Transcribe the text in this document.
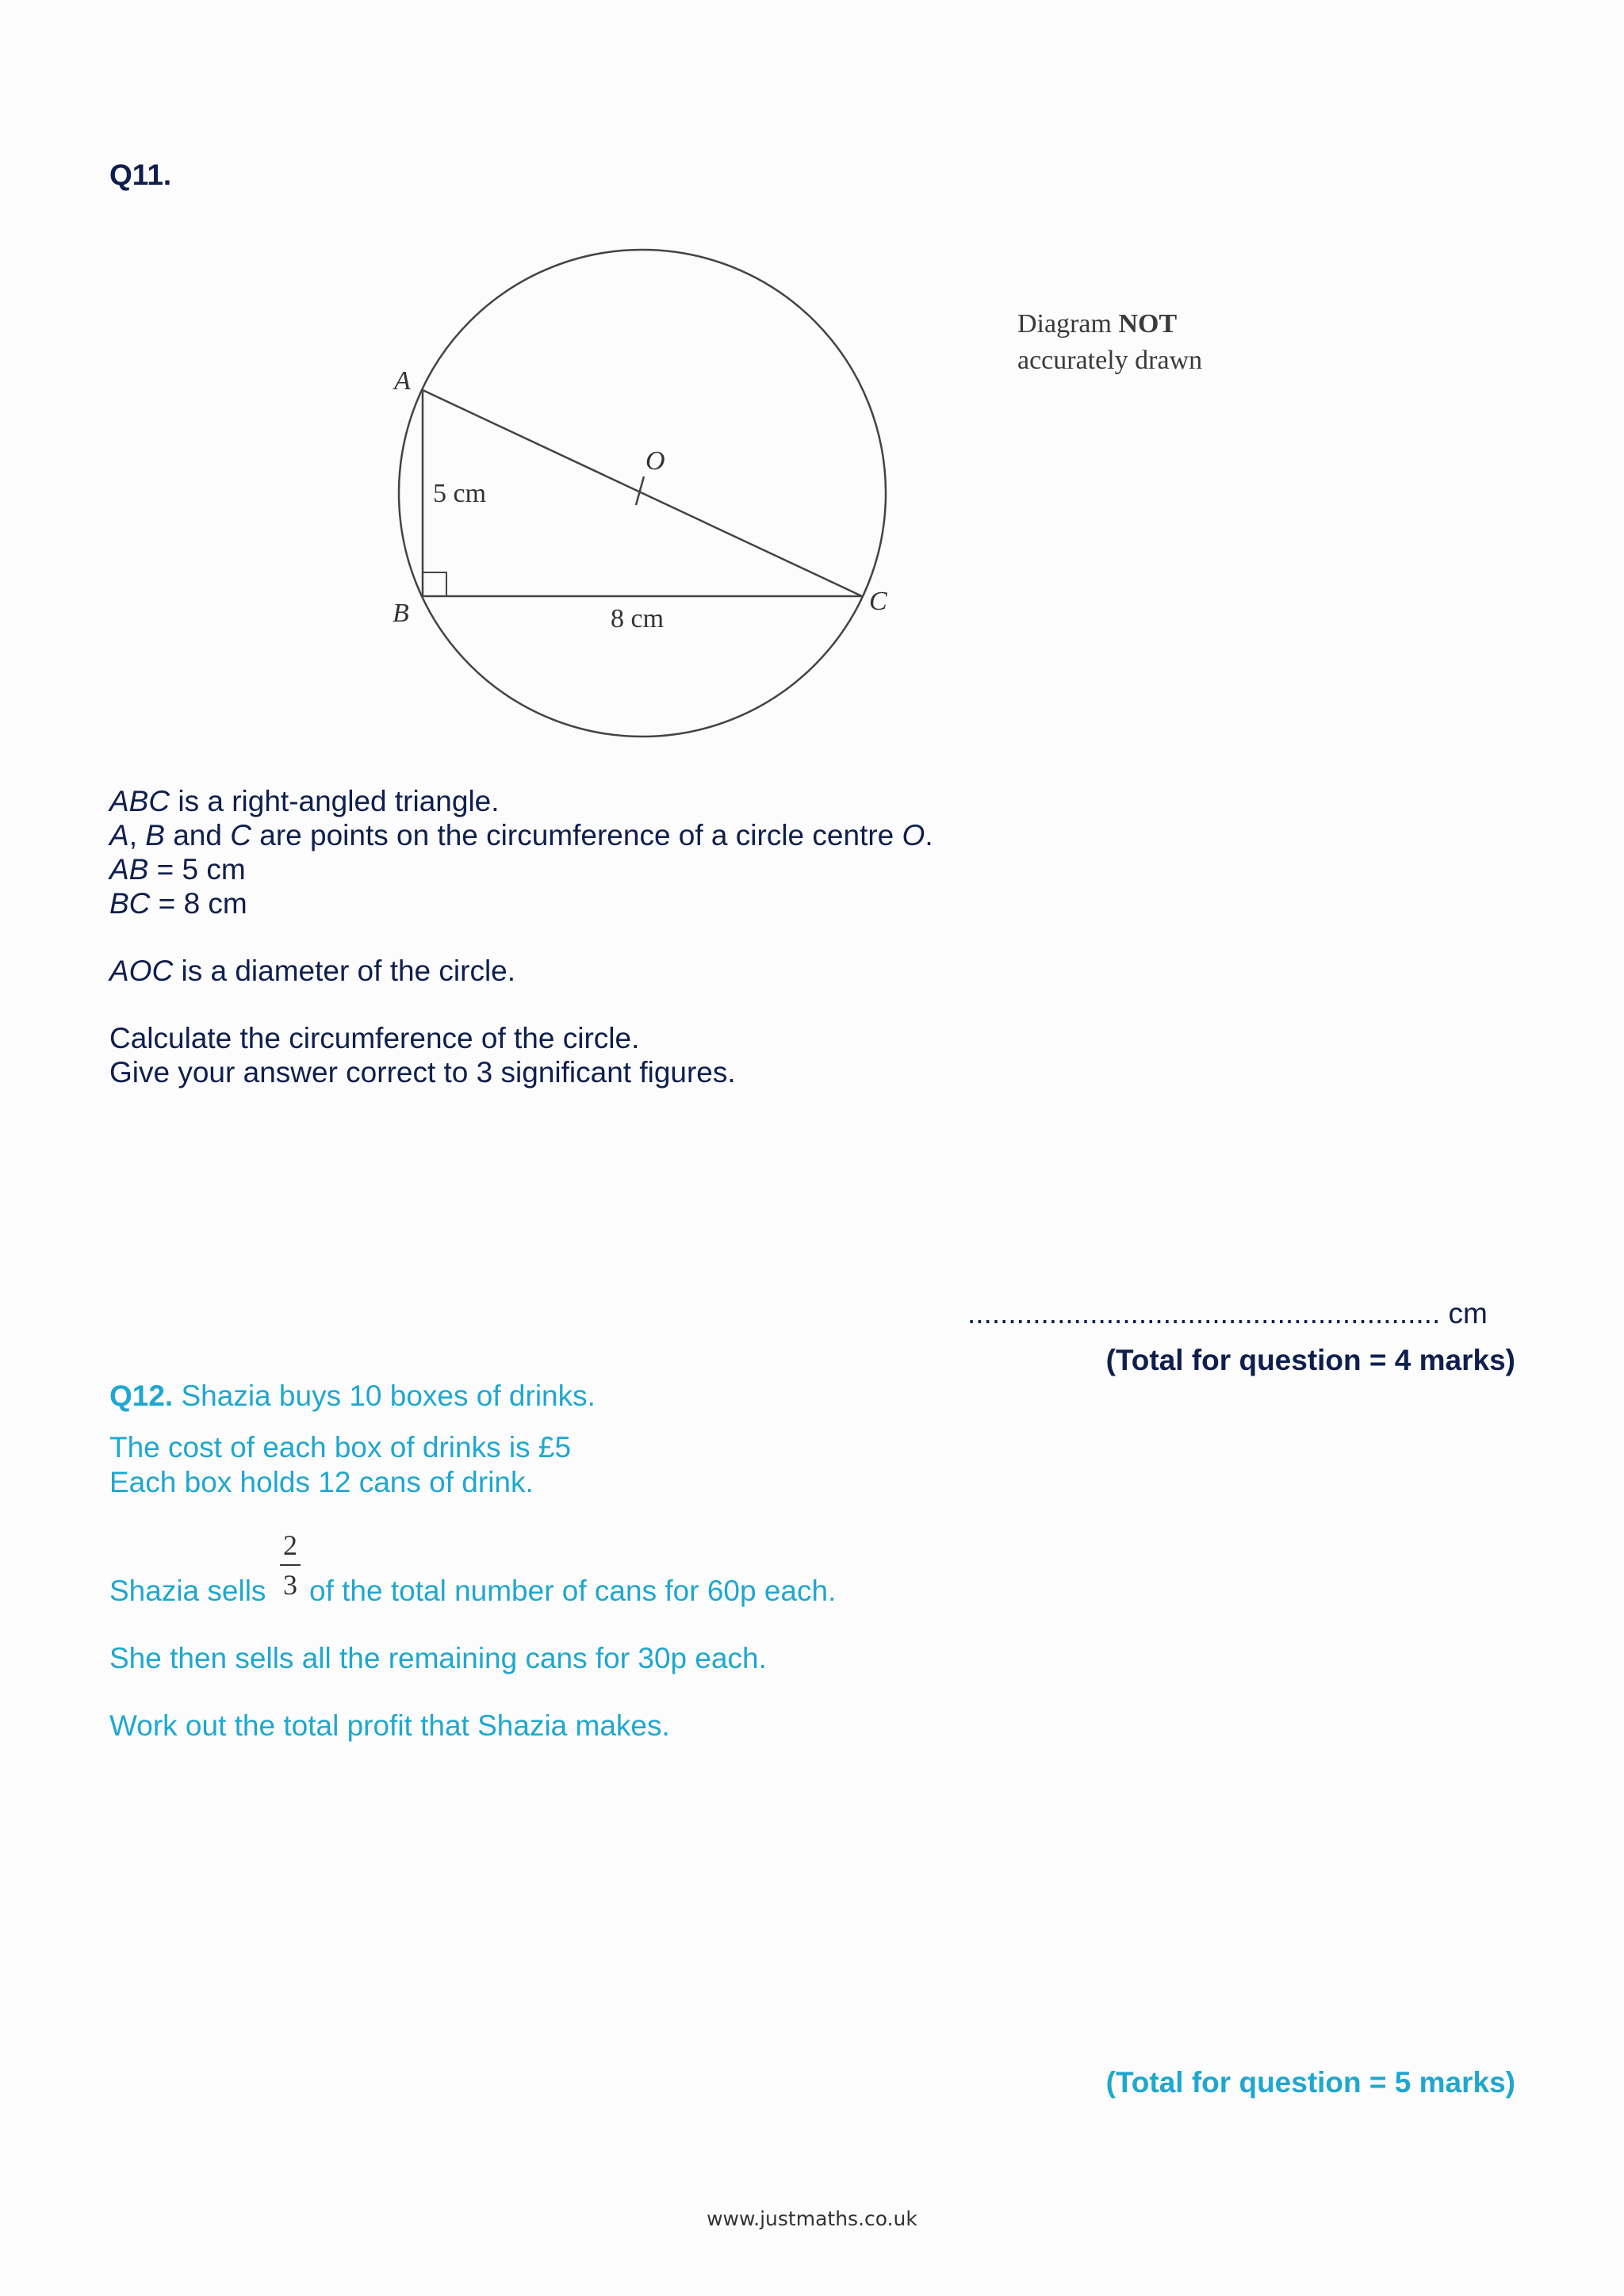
Q11.
A
B	C
O
5 cm
8 cm
Diagram NOT
accurately drawn
ABC is a right-angled triangle.
A, B and C are points on the circumference of a circle centre O.
AB = 5 cm
BC = 8 cm
AOC is a diameter of the circle.
Calculate the circumference of the circle.
Give your answer correct to 3 significant figures.
.......................................................... cm
(Total for question = 4 marks)
Q12. Shazia buys 10 boxes of drinks.
The cost of each box of drinks is £5
Each box holds 12 cans of drink.
Shazia sells
2
3 of the total number of cans for 60p each.
She then sells all the remaining cans for 30p each.
Work out the total profit that Shazia makes.
(Total for question = 5 marks)
www.justmaths.co.uk
